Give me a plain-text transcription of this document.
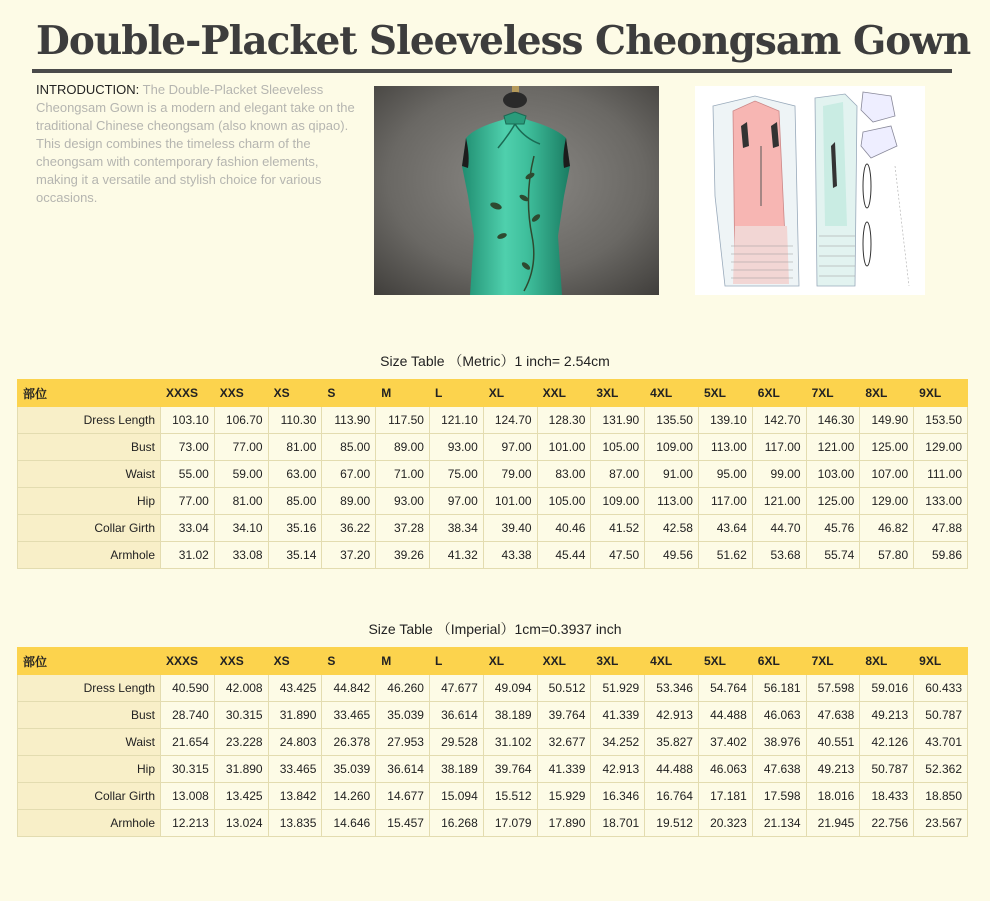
Double-Placket Sleeveless Cheongsam Gown
INTRODUCTION: The Double-Placket Sleeveless Cheongsam Gown is a modern and elegant take on the traditional Chinese cheongsam (also known as qipao). This design combines the timeless charm of the cheongsam with contemporary fashion elements, making it a versatile and stylish choice for various occasions.
Size Table （Metric）1 inch= 2.54cm
部位	XXXS	XXS	XS	S	M	L	XL	XXL	3XL	4XL	5XL	6XL	7XL	8XL	9XL
Dress Length	103.10	106.70	110.30	113.90	117.50	121.10	124.70	128.30	131.90	135.50	139.10	142.70	146.30	149.90	153.50
Bust	73.00	77.00	81.00	85.00	89.00	93.00	97.00	101.00	105.00	109.00	113.00	117.00	121.00	125.00	129.00
Waist	55.00	59.00	63.00	67.00	71.00	75.00	79.00	83.00	87.00	91.00	95.00	99.00	103.00	107.00	111.00
Hip	77.00	81.00	85.00	89.00	93.00	97.00	101.00	105.00	109.00	113.00	117.00	121.00	125.00	129.00	133.00
Collar Girth	33.04	34.10	35.16	36.22	37.28	38.34	39.40	40.46	41.52	42.58	43.64	44.70	45.76	46.82	47.88
Armhole	31.02	33.08	35.14	37.20	39.26	41.32	43.38	45.44	47.50	49.56	51.62	53.68	55.74	57.80	59.86
Size Table （Imperial）1cm=0.3937 inch
部位	XXXS	XXS	XS	S	M	L	XL	XXL	3XL	4XL	5XL	6XL	7XL	8XL	9XL
Dress Length	40.590	42.008	43.425	44.842	46.260	47.677	49.094	50.512	51.929	53.346	54.764	56.181	57.598	59.016	60.433
Bust	28.740	30.315	31.890	33.465	35.039	36.614	38.189	39.764	41.339	42.913	44.488	46.063	47.638	49.213	50.787
Waist	21.654	23.228	24.803	26.378	27.953	29.528	31.102	32.677	34.252	35.827	37.402	38.976	40.551	42.126	43.701
Hip	30.315	31.890	33.465	35.039	36.614	38.189	39.764	41.339	42.913	44.488	46.063	47.638	49.213	50.787	52.362
Collar Girth	13.008	13.425	13.842	14.260	14.677	15.094	15.512	15.929	16.346	16.764	17.181	17.598	18.016	18.433	18.850
Armhole	12.213	13.024	13.835	14.646	15.457	16.268	17.079	17.890	18.701	19.512	20.323	21.134	21.945	22.756	23.567
